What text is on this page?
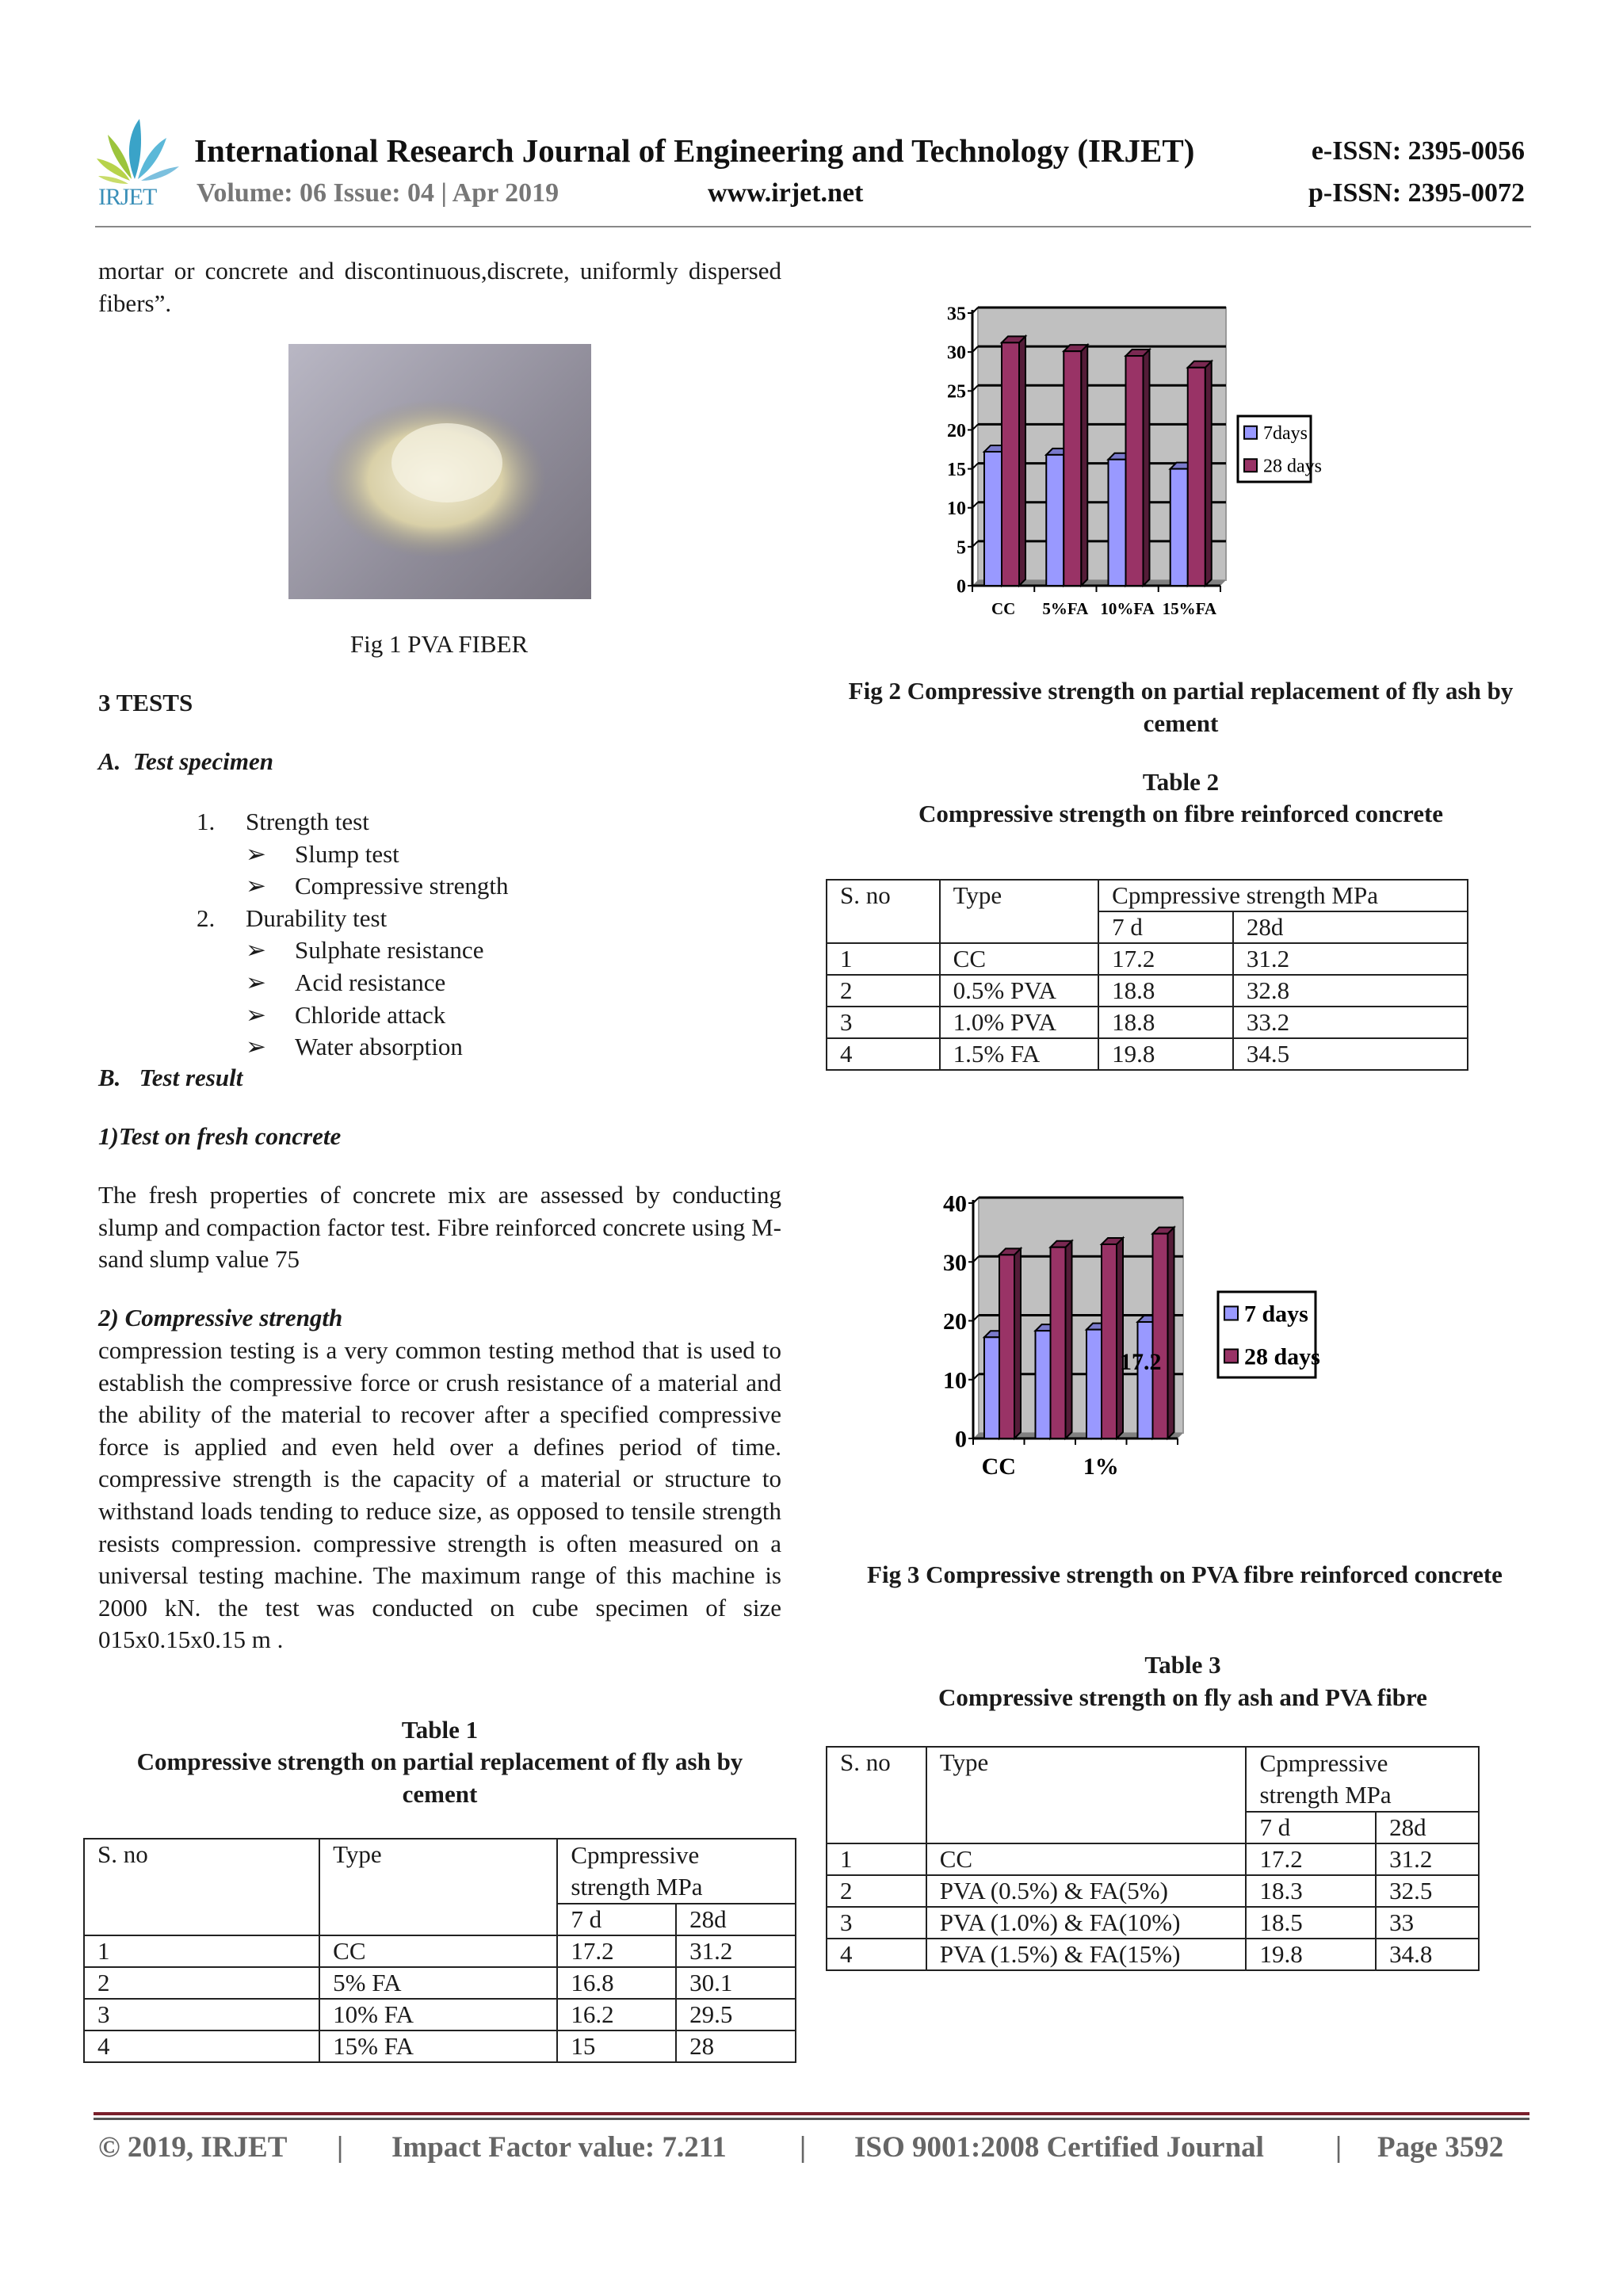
IRJET
International Research Journal of Engineering and Technology (IRJET)
Volume: 06 Issue: 04 | Apr 2019	www.irjet.net
e-ISSN: 2395-0056
p-ISSN: 2395-0072
mortar or concrete and discontinuous,discrete, uniformly dispersed fibers”.
Fig 1 PVA FIBER
3 TESTS
A.  Test specimen
1. Strength test
➢ Slump test
➢ Compressive strength
2. Durability test
➢ Sulphate resistance
➢ Acid resistance
➢ Chloride attack
➢ Water absorption
B.   Test result
1)Test on fresh concrete
The fresh properties of concrete mix are assessed by conducting slump and compaction factor test. Fibre reinforced concrete using M- sand slump value 75
2) Compressive strength
compression testing is a very common testing method that is used to establish the compressive force or crush resistance of a material and the ability of the material to recover after a specified compressive force is applied and even held over a defines period of time. compressive strength is the capacity of a material or structure to withstand loads tending to reduce size, as opposed to tensile strength resists compression. compressive strength is often measured on a universal testing machine. The maximum range of this machine is 2000 kN. the test was conducted on cube specimen of size 015x0.15x0.15 m .
Table 1
Compressive strength on partial replacement of fly ash by cement
S. no	Type	Cpmpressive strength MPa	
		7 d	28d
1	CC	17.2	31.2
2	5% FA	16.8	30.1
3	10% FA	16.2	29.5
4	15% FA	15	28
0
5
10
15
20
25
30
35
CC 5%FA 10%FA 15%FA
7days
28 days
Fig 2 Compressive strength on partial replacement of fly ash by cement
Table 2
Compressive strength on fibre reinforced concrete
S. no	Type	Cpmpressive strength MPa	
		7 d	28d
1	CC	17.2	31.2
2	0.5% PVA	18.8	32.8
3	1.0% PVA	18.8	33.2
4	1.5% FA	19.8	34.5
0
10
20
30
40
CC	1%
17.2
7 days
28 days
Fig 3 Compressive strength on PVA fibre reinforced concrete
Table 3
Compressive strength on fly ash and PVA fibre
S. no	Type	Cpmpressive strength MPa	
		7 d	28d
1	CC	17.2	31.2
2	PVA (0.5%) & FA(5%)	18.3	32.5
3	PVA (1.0%) & FA(10%)	18.5	33
4	PVA (1.5%) & FA(15%)	19.8	34.8
© 2019, IRJET | Impact Factor value: 7.211 | ISO 9001:2008 Certified Journal | Page 3592
